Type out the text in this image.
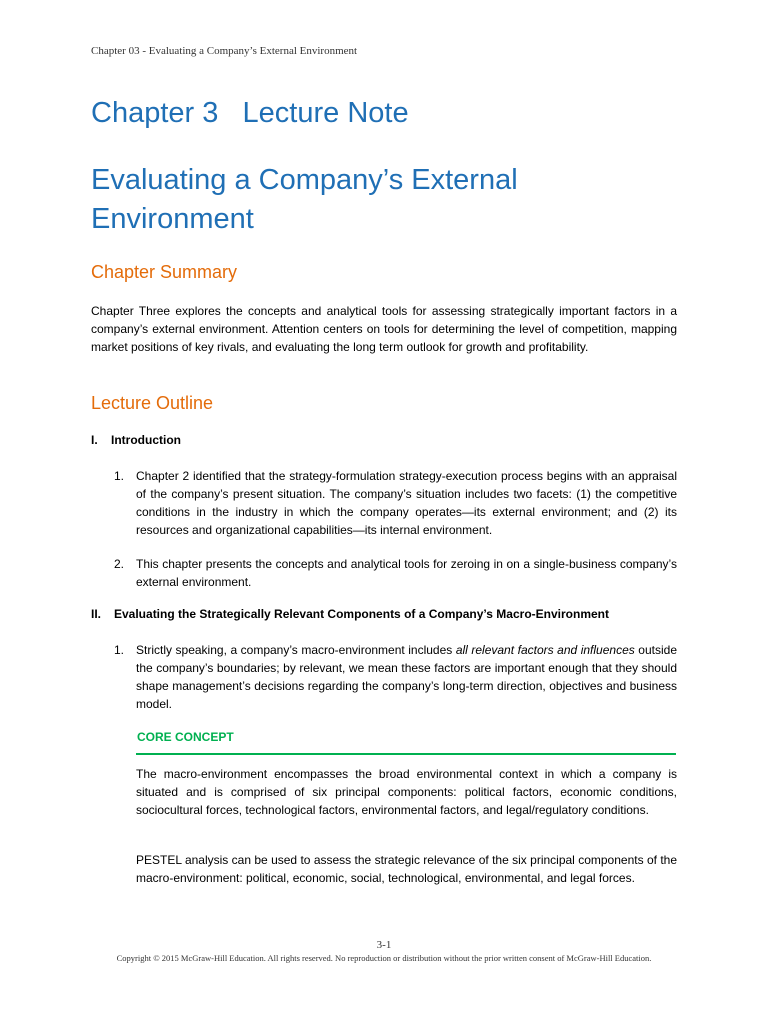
Chapter 03 - Evaluating a Company’s External Environment
Chapter 3   Lecture Note
Evaluating a Company’s External
Environment
Chapter Summary

Chapter Three explores the concepts and analytical tools for assessing strategically important factors in a company’s external environment. Attention centers on tools for determining the level of competition, mapping market positions of key rivals, and evaluating the long term outlook for growth and profitability.

Lecture Outline
I. Introduction
1. Chapter 2 identified that the strategy-formulation strategy-execution process begins with an appraisal of the company’s present situation. The company’s situation includes two facets: (1) the competitive conditions in the industry in which the company operates—its external environment; and (2) its resources and organizational capabilities—its internal environment.
2. This chapter presents the concepts and analytical tools for zeroing in on a single-business company’s external environment.
II. Evaluating the Strategically Relevant Components of a Company’s Macro-Environment
1. Strictly speaking, a company’s macro-environment includes all relevant factors and influences outside the company’s boundaries; by relevant, we mean these factors are important enough that they should shape management’s decisions regarding the company’s long-term direction, objectives and business model.
CORE CONCEPT

The macro-environment encompasses the broad environmental context in which a company is situated and is comprised of six principal components: political factors, economic conditions, sociocultural forces, technological factors, environmental factors, and legal/regulatory conditions.

PESTEL analysis can be used to assess the strategic relevance of the six principal components of the macro-environment: political, economic, social, technological, environmental, and legal forces.

3-1
Copyright © 2015 McGraw-Hill Education. All rights reserved. No reproduction or distribution without the prior written consent of McGraw-Hill Education.
